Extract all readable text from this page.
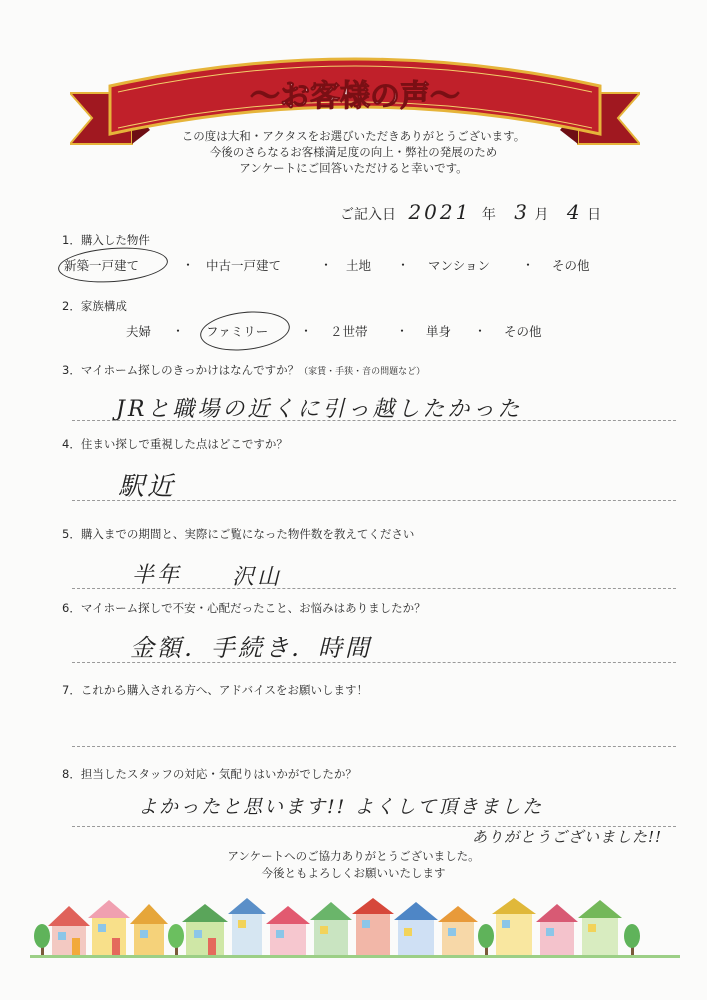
〜お客様の声〜
この度は大和・アクタスをお選びいただきありがとうございます。
今後のさらなるお客様満足度の向上・弊社の発展のため
アンケートにご回答いただけると幸いです。
ご記入日 2021 年 3 月 4 日
1．購入した物件
新築一戸建て	・ 中古一戸建て	・ 土地 ・ マンション	・ その他
2．家族構成
夫婦 ・ ファミリー	・ ２世帯 ・ 単身 ・ その他
3．マイホーム探しのきっかけはなんですか？（家賃・手狭・音の問題など）
JRと職場の近くに引っ越したかった
4．住まい探しで重視した点はどこですか？
駅近
5．購入までの期間と、実際にご覧になった物件数を教えてください
半年 沢山
6．マイホーム探しで不安・心配だったこと、お悩みはありましたか？
金額．手続き．時間
7．これから購入される方へ、アドバイスをお願いします！
8．担当したスタッフの対応・気配りはいかがでしたか？
よかったと思います!! よくして頂きました
ありがとうございました!!
アンケートへのご協力ありがとうございました。
今後ともよろしくお願いいたします
